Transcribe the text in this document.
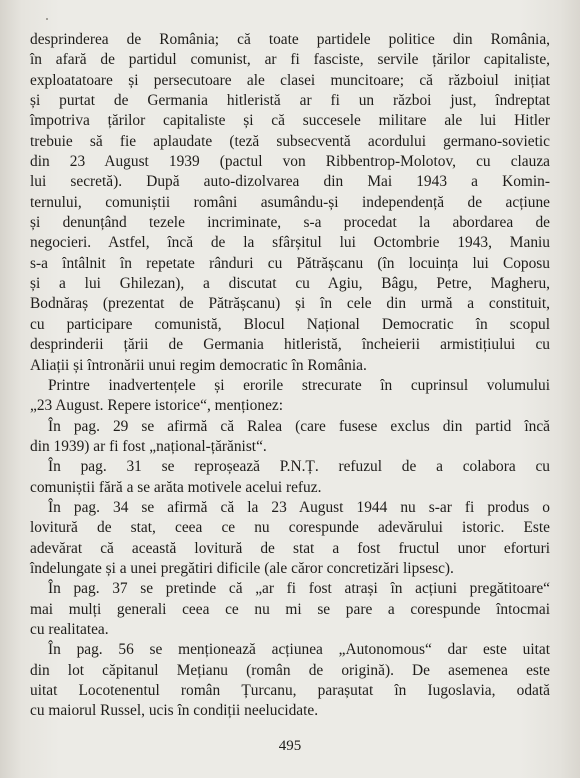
desprinderea de România; că toate partidele politice din România,
în afară de partidul comunist, ar fi fasciste, servile țărilor capitaliste,
exploatatoare și persecutoare ale clasei muncitoare; că războiul inițiat
și purtat de Germania hitleristă ar fi un război just, îndreptat
împotriva țărilor capitaliste și că succesele militare ale lui Hitler
trebuie să fie aplaudate (teză subsecventă acordului germano-sovietic
din 23 August 1939 (pactul von Ribbentrop-Molotov, cu clauza
lui secretă). După auto-dizolvarea din Mai 1943 a Komin-
ternului, comuniștii români asumându-și independență de acțiune
și denunțând tezele incriminate, s-a procedat la abordarea de
negocieri. Astfel, încă de la sfârșitul lui Octombrie 1943, Maniu
s-a întâlnit în repetate rânduri cu Pătrășcanu (în locuința lui Coposu
și a lui Ghilezan), a discutat cu Agiu, Bâgu, Petre, Magheru,
Bodnăraș (prezentat de Pătrășcanu) și în cele din urmă a constituit,
cu participare comunistă, Blocul Național Democratic în scopul
desprinderii țării de Germania hitleristă, încheierii armistițiului cu
Aliații și întronării unui regim democratic în România.
Printre inadvertențele și erorile strecurate în cuprinsul volumului
„23 August. Repere istorice“, menționez:
În pag. 29 se afirmă că Ralea (care fusese exclus din partid încă
din 1939) ar fi fost „național-țărănist“.
În pag. 31 se reproșează P.N.Ț. refuzul de a colabora cu
comuniștii fără a se arăta motivele acelui refuz.
În pag. 34 se afirmă că la 23 August 1944 nu s-ar fi produs o
lovitură de stat, ceea ce nu corespunde adevărului istoric. Este
adevărat că această lovitură de stat a fost fructul unor eforturi
îndelungate și a unei pregătiri dificile (ale căror concretizări lipsesc).
În pag. 37 se pretinde că „ar fi fost atrași în acțiuni pregătitoare“
mai mulți generali ceea ce nu mi se pare a corespunde întocmai
cu realitatea.
În pag. 56 se menționează acțiunea „Autonomous“ dar este uitat
din lot căpitanul Mețianu (român de origină). De asemenea este
uitat Locotenentul român Țurcanu, parașutat în Iugoslavia, odată
cu maiorul Russel, ucis în condiții neelucidate.
495
